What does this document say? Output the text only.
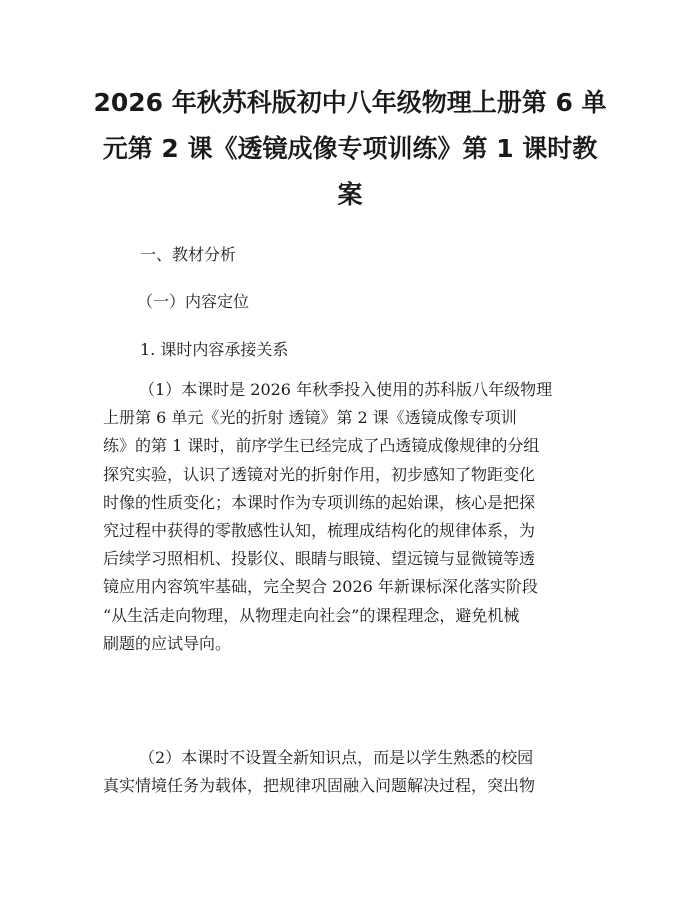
2026 年秋苏科版初中八年级物理上册第 6 单
元第 2 课《透镜成像专项训练》第 1 课时教
案
一、教材分析
（一）内容定位
1. 课时内容承接关系
（1）本课时是 2026 年秋季投入使用的苏科版八年级物理
上册第 6 单元《光的折射 透镜》第 2 课《透镜成像专项训
练》的第 1 课时，前序学生已经完成了凸透镜成像规律的分组
探究实验，认识了透镜对光的折射作用，初步感知了物距变化
时像的性质变化；本课时作为专项训练的起始课，核心是把探
究过程中获得的零散感性认知，梳理成结构化的规律体系，为
后续学习照相机、投影仪、眼睛与眼镜、望远镜与显微镜等透
镜应用内容筑牢基础，完全契合 2026 年新课标深化落实阶段
“从生活走向物理，从物理走向社会”的课程理念，避免机械
刷题的应试导向。
（2）本课时不设置全新知识点，而是以学生熟悉的校园
真实情境任务为载体，把规律巩固融入问题解决过程，突出物
